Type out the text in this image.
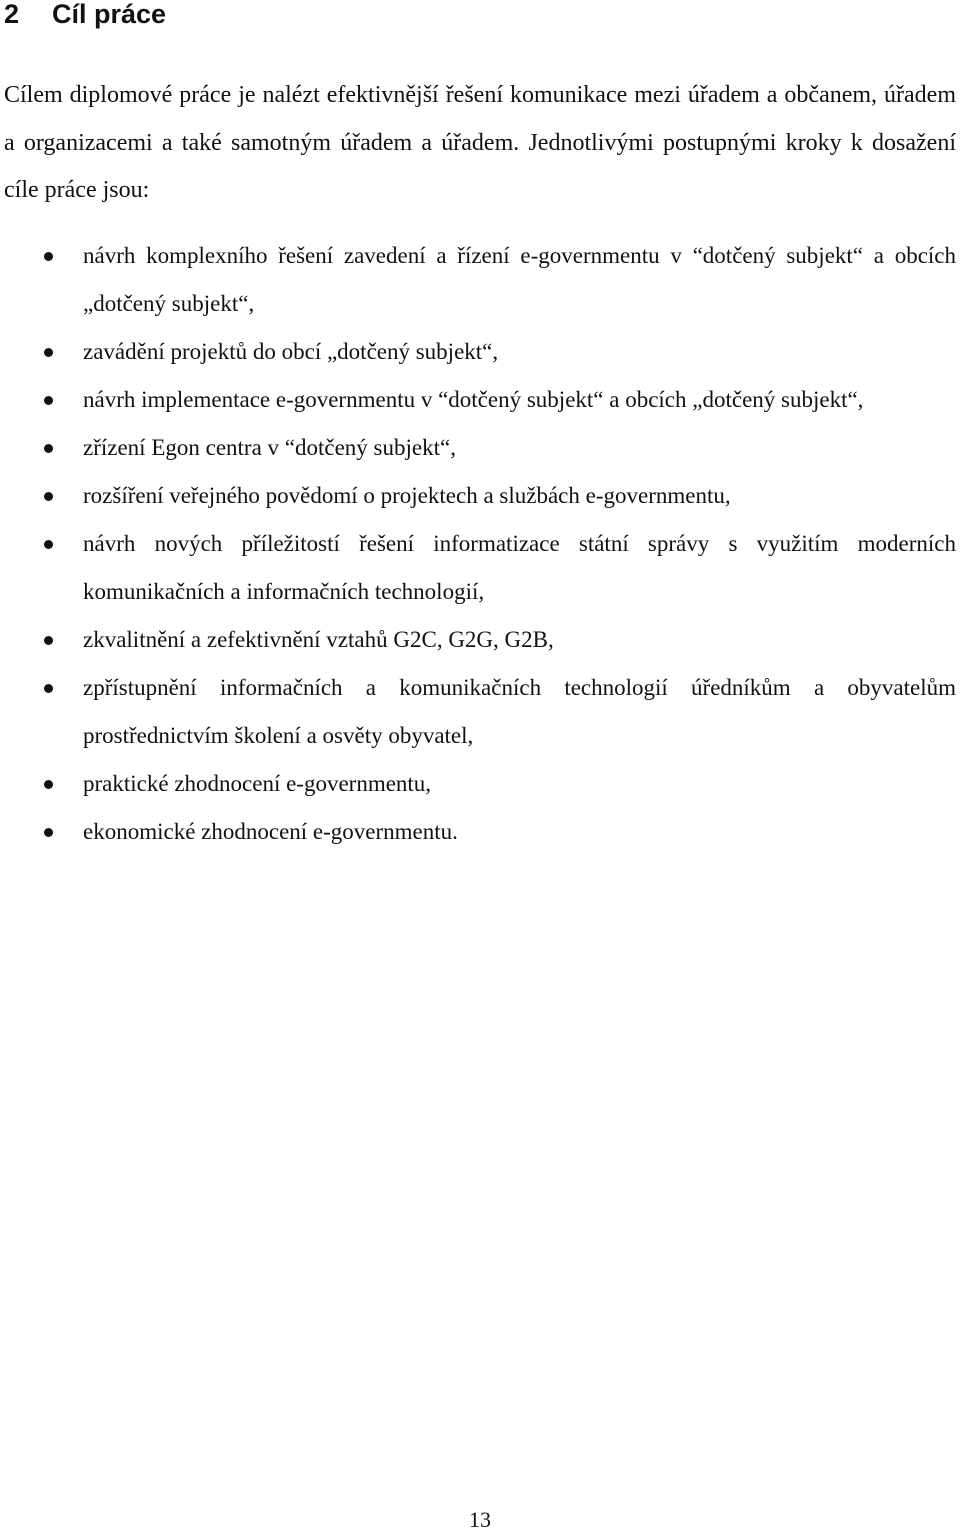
2 Cíl práce

Cílem diplomové práce je nalézt efektivnější řešení komunikace mezi úřadem a občanem, úřadem a organizacemi a také samotným úřadem a úřadem. Jednotlivými postupnými kroky k dosažení cíle práce jsou:

návrh komplexního řešení zavedení a řízení e-governmentu v “dotčený subjekt“ a obcích „dotčený subjekt“,
zavádění projektů do obcí „dotčený subjekt“,
návrh implementace e-governmentu v “dotčený subjekt“ a obcích „dotčený subjekt“,
zřízení Egon centra v “dotčený subjekt“,
rozšíření veřejného povědomí o projektech a službách e-governmentu,
návrh nových příležitostí řešení informatizace státní správy s využitím moderních komunikačních a informačních technologií,
zkvalitnění a zefektivnění vztahů G2C, G2G, G2B,
zpřístupnění informačních a komunikačních technologií úředníkům a obyvatelům prostřednictvím školení a osvěty obyvatel,
praktické zhodnocení e-governmentu,
ekonomické zhodnocení e-governmentu.
13
